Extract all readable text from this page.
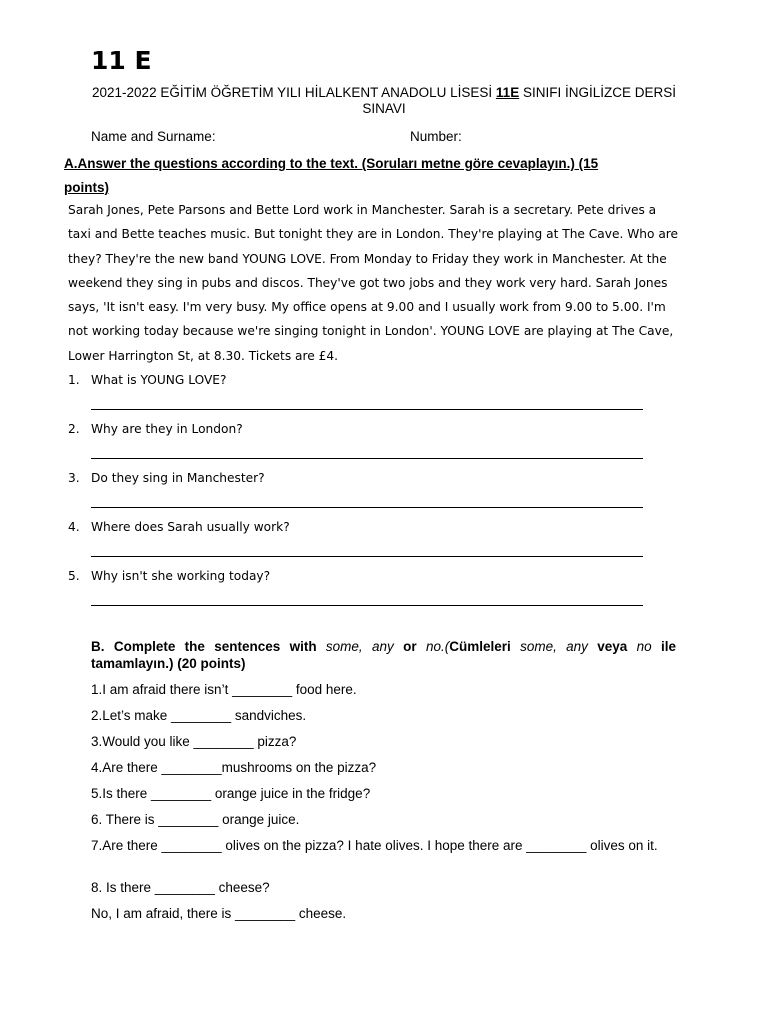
11 E
2021-2022 EĞİTİM ÖĞRETİM YILI HİLALKENT ANADOLU LİSESİ 11E SINIFI İNGİLİZCE DERSİ SINAVI
Name and Surname:	Number:
A.Answer the questions according to the text. (Soruları metne göre cevaplayın.) (15 points)
Sarah Jones, Pete Parsons and Bette Lord work in Manchester. Sarah is a secretary. Pete drives a taxi and Bette teaches music. But tonight they are in London. They're playing at The Cave. Who are they? They're the new band YOUNG LOVE. From Monday to Friday they work in Manchester. At the weekend they sing in pubs and discos. They've got two jobs and they work very hard. Sarah Jones says, 'It isn't easy. I'm very busy. My office opens at 9.00 and I usually work from 9.00 to 5.00. I'm not working today because we're singing tonight in London'. YOUNG LOVE are playing at The Cave, Lower Harrington St, at 8.30. Tickets are £4.
1. What is YOUNG LOVE?
2. Why are they in London?
3. Do they sing in Manchester?
4. Where does Sarah usually work?
5. Why isn't she working today?
B. Complete the sentences with some, any or no.(Cümleleri some, any veya no ile tamamlayın.) (20 points)
1.I am afraid there isn’t ________ food here.
2.Let’s make ________ sandviches.
3.Would you like ________ pizza?
4.Are there ________mushrooms on the pizza?
5.Is there ________ orange juice in the fridge?
6. There is ________ orange juice.
7.Are there ________ olives on the pizza? I hate olives. I hope there are ________ olives on it.
8. Is there ________ cheese?
No, I am afraid, there is ________ cheese.
